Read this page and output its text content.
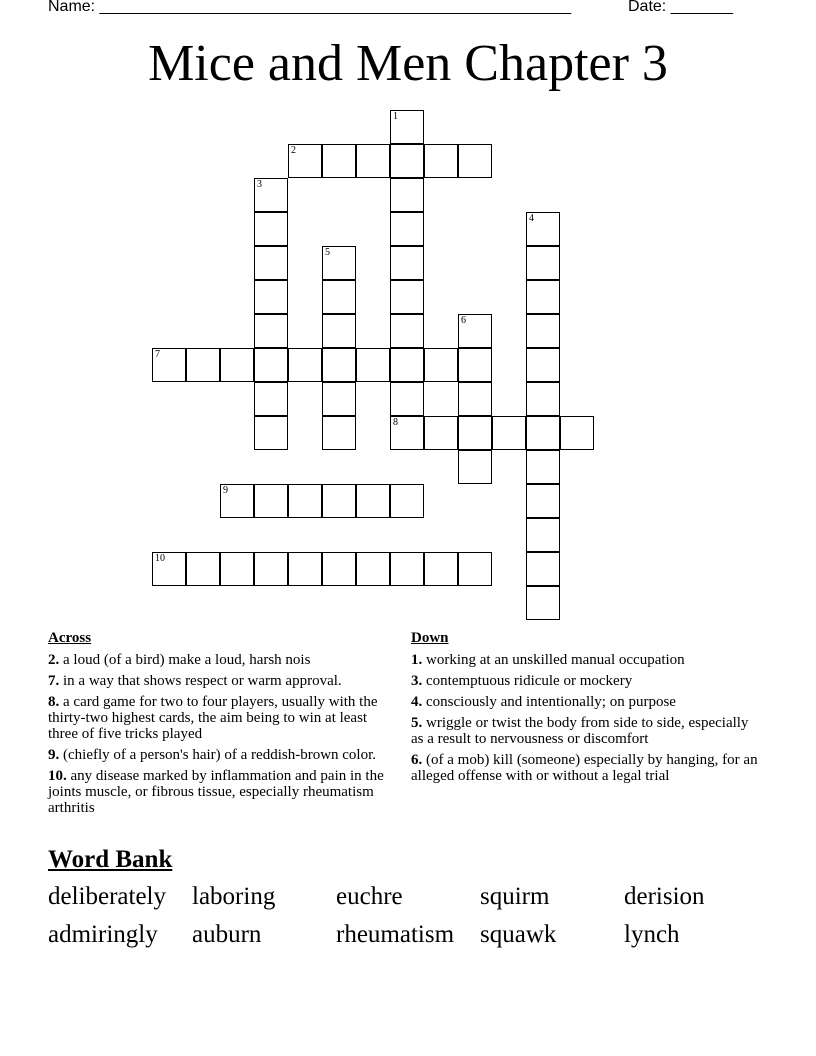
Name: _____________________________________________________	Date: _______
Mice and Men Chapter 3
1
8
2
3
4
5
6
7
9
10
Across
2. a loud (of a bird) make a loud, harsh nois
7. in a way that shows respect or warm approval.
8. a card game for two to four players, usually with the thirty-two highest cards, the aim being to win at least three of five tricks played
9. (chiefly of a person's hair) of a reddish-brown color.
10. any disease marked by inflammation and pain in the joints muscle, or fibrous tissue, especially rheumatism arthritis
Down
1. working at an unskilled manual occupation
3. contemptuous ridicule or mockery
4. consciously and intentionally; on purpose
5. wriggle or twist the body from side to side, especially as a result to nervousness or discomfort
6. (of a mob) kill (someone) especially by hanging, for an alleged offense with or without a legal trial
Word Bank
deliberately laboring euchre	squirm	derision
admiringly auburn	rheumatism squawk	lynch
